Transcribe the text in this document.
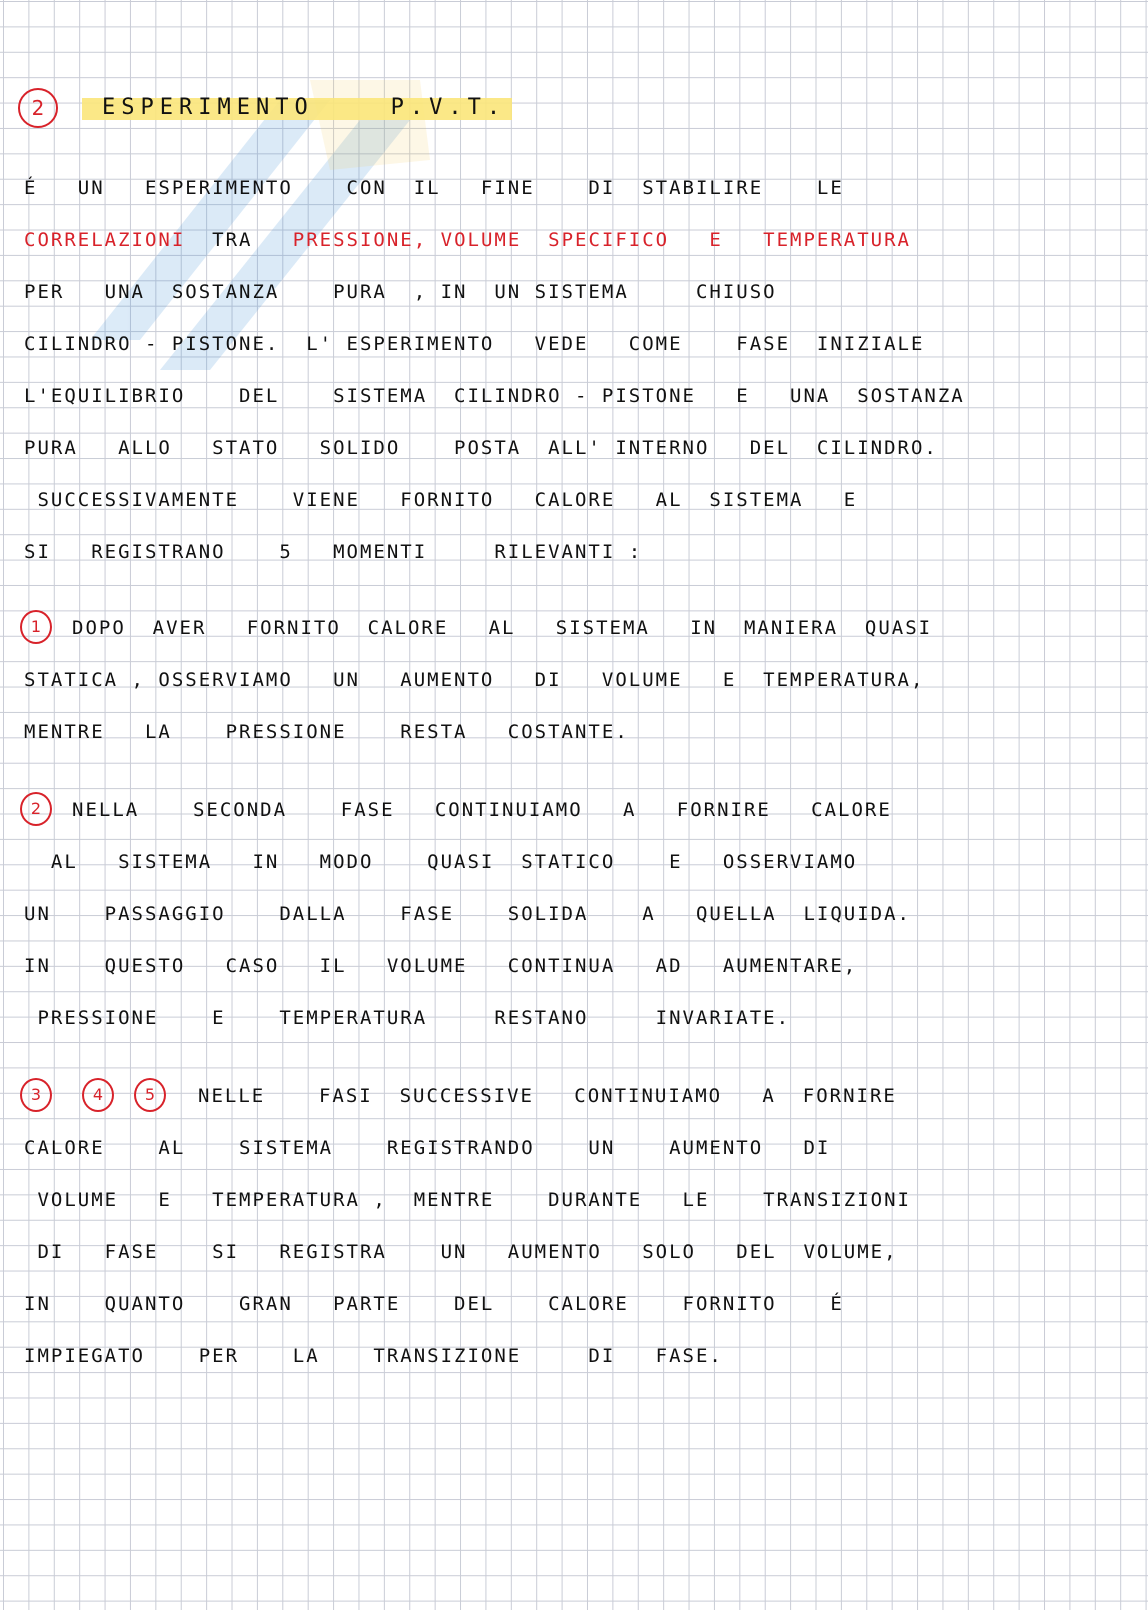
2	ESPERIMENTO    P.V.T.
É   UN   ESPERIMENTO    CON  IL   FINE    DI  STABILIRE    LE
CORRELAZIONI  TRA   PRESSIONE, VOLUME  SPECIFICO   E   TEMPERATURA
PER   UNA  SOSTANZA    PURA  , IN  UN SISTEMA     CHIUSO
CILINDRO - PISTONE.  L' ESPERIMENTO   VEDE   COME    FASE  INIZIALE
L'EQUILIBRIO    DEL    SISTEMA  CILINDRO - PISTONE   E   UNA  SOSTANZA
PURA   ALLO   STATO   SOLIDO    POSTA  ALL' INTERNO   DEL  CILINDRO.
SUCCESSIVAMENTE    VIENE   FORNITO   CALORE   AL  SISTEMA   E
SI   REGISTRANO    5   MOMENTI     RILEVANTI :
1	DOPO  AVER   FORNITO  CALORE   AL   SISTEMA   IN  MANIERA  QUASI
STATICA , OSSERVIAMO   UN   AUMENTO   DI   VOLUME   E  TEMPERATURA,
MENTRE   LA    PRESSIONE    RESTA   COSTANTE.
2	NELLA    SECONDA    FASE   CONTINUIAMO   A   FORNIRE   CALORE
AL   SISTEMA   IN   MODO    QUASI  STATICO    E   OSSERVIAMO
UN    PASSAGGIO    DALLA    FASE    SOLIDA    A   QUELLA  LIQUIDA.
IN    QUESTO   CASO   IL   VOLUME   CONTINUA   AD   AUMENTARE,
PRESSIONE    E    TEMPERATURA     RESTANO     INVARIATE.
3	4	5	NELLE    FASI  SUCCESSIVE   CONTINUIAMO   A  FORNIRE
CALORE    AL    SISTEMA    REGISTRANDO    UN    AUMENTO   DI
VOLUME   E   TEMPERATURA ,  MENTRE    DURANTE   LE    TRANSIZIONI
DI   FASE    SI   REGISTRA    UN   AUMENTO   SOLO   DEL  VOLUME,
IN    QUANTO    GRAN   PARTE    DEL    CALORE    FORNITO    É
IMPIEGATO    PER    LA    TRANSIZIONE     DI   FASE.
